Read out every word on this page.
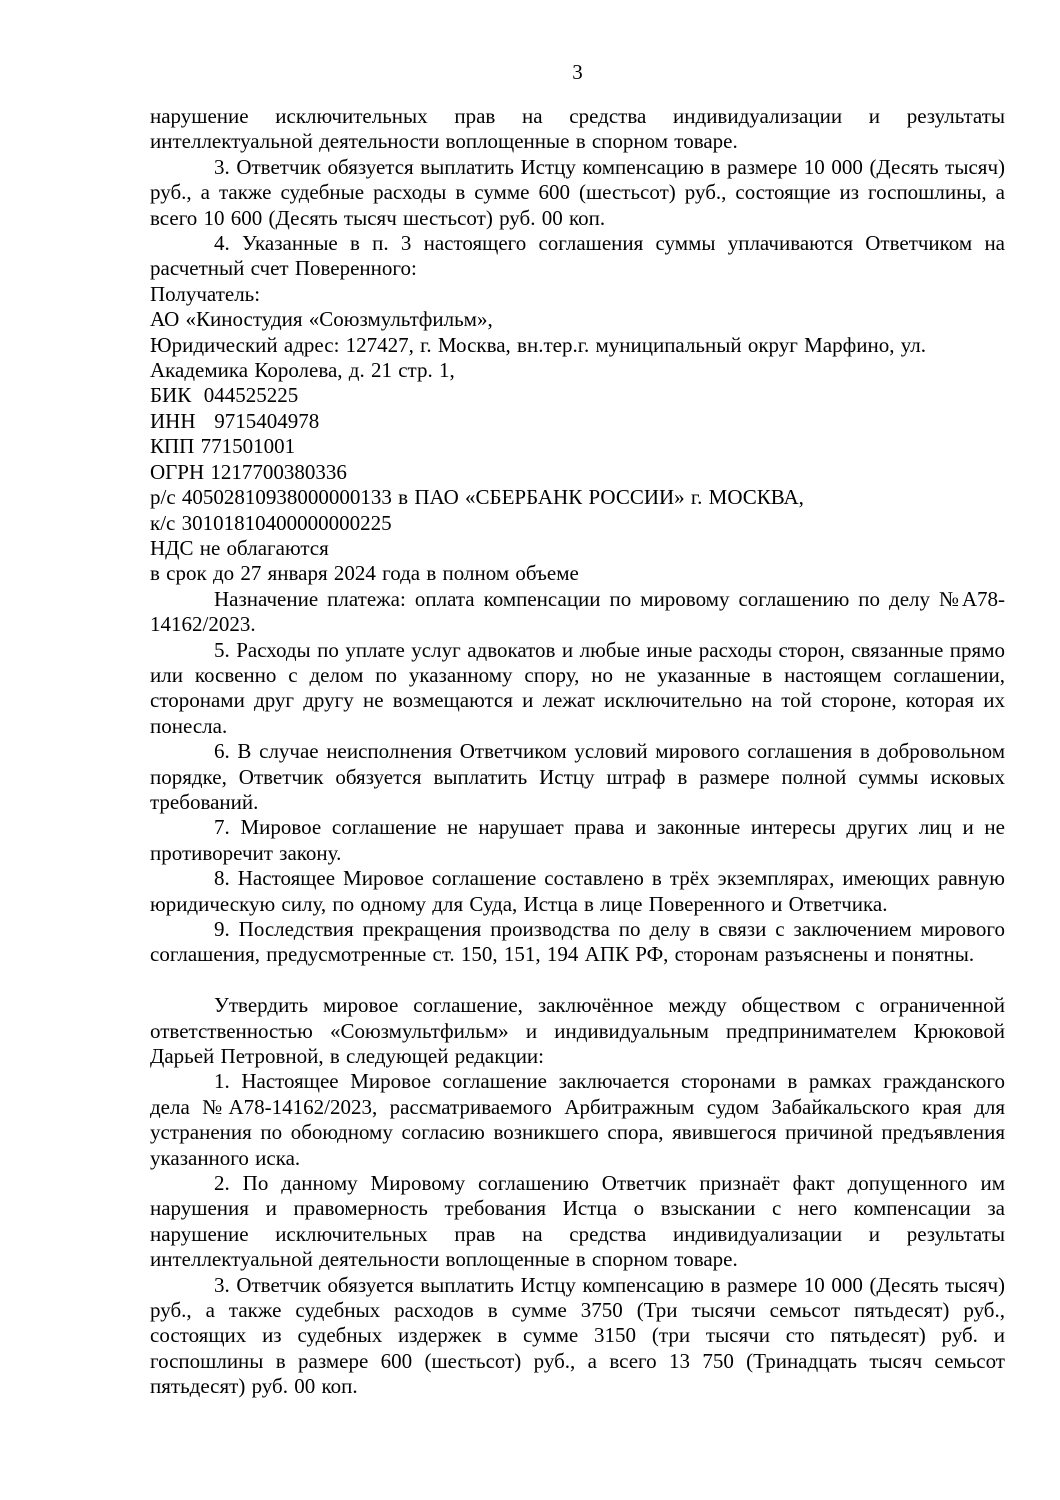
3

нарушение исключительных прав на средства индивидуализации и результаты интеллектуальной деятельности воплощенные в спорном товаре.

3. Ответчик обязуется выплатить Истцу компенсацию в размере 10 000 (Десять тысяч) руб., а также судебные расходы в сумме 600 (шестьсот) руб., состоящие из госпошлины, а всего 10 600 (Десять тысяч шестьсот) руб. 00 коп.

4. Указанные в п. 3 настоящего соглашения суммы уплачиваются Ответчиком на расчетный счет Поверенного:

Получатель:

АО «Киностудия «Союзмультфильм»,

Юридический адрес: 127427, г. Москва, вн.тер.г. муниципальный округ Марфино, ул. Академика Королева, д. 21 стр. 1,

БИК  044525225

ИНН   9715404978

КПП 771501001

ОГРН 1217700380336

р/с 40502810938000000133 в ПАО «СБЕРБАНК РОССИИ» г. МОСКВА,

к/с 30101810400000000225

НДС не облагаются

в срок до 27 января 2024 года в полном объеме

Назначение платежа: оплата компенсации по мировому соглашению по делу №А78-14162/2023.

5. Расходы по уплате услуг адвокатов и любые иные расходы сторон, связанные прямо или косвенно с делом по указанному спору, но не указанные в настоящем соглашении, сторонами друг другу не возмещаются и лежат исключительно на той стороне, которая их понесла.

6. В случае неисполнения Ответчиком условий мирового соглашения в добровольном порядке, Ответчик обязуется выплатить Истцу штраф в размере полной суммы исковых требований.

7. Мировое соглашение не нарушает права и законные интересы других лиц и не противоречит закону.

8. Настоящее Мировое соглашение составлено в трёх экземплярах, имеющих равную юридическую силу, по одному для Суда, Истца в лице Поверенного и Ответчика.

9. Последствия прекращения производства по делу в связи с заключением мирового соглашения, предусмотренные ст. 150, 151, 194 АПК РФ, сторонам разъяснены и понятны.

Утвердить мировое соглашение, заключённое между обществом с ограниченной ответственностью «Союзмультфильм» и индивидуальным предпринимателем Крюковой Дарьей Петровной, в следующей редакции:

1. Настоящее Мировое соглашение заключается сторонами в рамках гражданского дела №А78-14162/2023, рассматриваемого Арбитражным судом Забайкальского края для устранения по обоюдному согласию возникшего спора, явившегося причиной предъявления указанного иска.

2. По данному Мировому соглашению Ответчик признаёт факт допущенного им нарушения и правомерность требования Истца о взыскании с него компенсации за нарушение исключительных прав на средства индивидуализации и результаты интеллектуальной деятельности воплощенные в спорном товаре.

3. Ответчик обязуется выплатить Истцу компенсацию в размере 10 000 (Десять тысяч) руб., а также судебных расходов в сумме 3750 (Три тысячи семьсот пятьдесят) руб., состоящих из судебных издержек в сумме 3150 (три тысячи сто пятьдесят) руб. и госпошлины в размере 600 (шестьсот) руб., а всего 13 750 (Тринадцать тысяч семьсот пятьдесят) руб. 00 коп.
